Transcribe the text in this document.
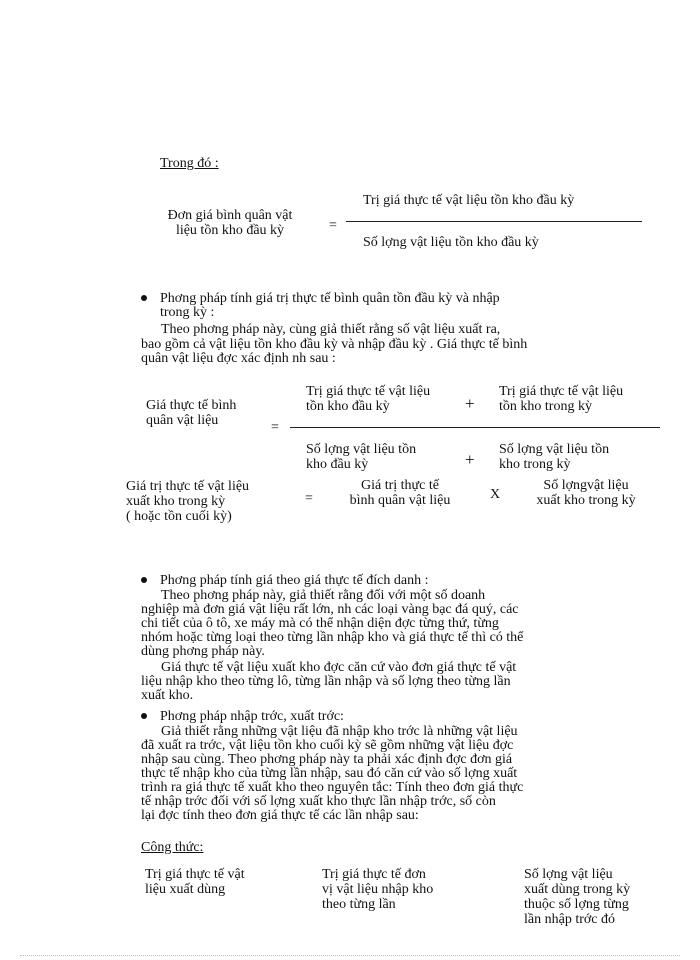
Trong đó :
Đơn giá bình quân vật
liệu tồn kho đầu kỳ	=
Trị giá thực tế vật liệu tồn kho đầu kỳ
Số lợng vật liệu tồn kho đầu kỳ
Phơng pháp tính giá trị thực tế bình quân tồn đầu kỳ và nhập
trong kỳ :
Theo phơng pháp này, cùng giả thiết rằng số vật liệu xuất ra,
bao gồm cả vật liệu tồn kho đầu kỳ và nhập đầu kỳ . Giá thực tế bình
quân vật liệu đợc xác định nh sau :
Giá thực tế bình
quân vật liệu	=
Trị giá thực tế vật liệu
tồn kho đầu kỳ	+
Trị giá thực tế vật liệu
tồn kho trong kỳ
Số lợng vật liệu tồn
kho đầu kỳ	+
Số lợng vật liệu tồn
kho trong kỳ
Giá trị thực tế vật liệu
xuất kho trong kỳ
( hoặc tồn cuối kỳ)
=
Giá trị thực tế
bình quân vật liệu	X
Số lợngvật liệu
xuất kho trong kỳ
Phơng pháp tính giá theo giá thực tế đích danh :
Theo phơng pháp này, giả thiết rằng đối với một số doanh
nghiệp mà đơn giá vật liệu rất lớn, nh các loại vàng bạc đá quý, các
chi tiết của ô tô, xe máy mà có thể nhận diện đợc từng thứ, từng
nhóm hoặc từng loại theo từng lần nhập kho và giá thực tế thì có thể
dùng phơng pháp này.
Giá thực tế vật liệu xuất kho đợc căn cứ vào đơn giá thực tế vật
liệu nhập kho theo từng lô, từng lần nhập và số lợng theo từng lần
xuất kho.
Phơng pháp nhập trớc, xuất trớc:
Giả thiết rằng những vật liệu đã nhập kho trớc là những vật liệu
đã xuất ra trớc, vật liệu tồn kho cuối kỳ sẽ gồm những vật liệu đợc
nhập sau cùng. Theo phơng pháp này ta phải xác định đợc đơn giá
thực tế nhập kho của từng lần nhập, sau đó căn cứ vào số lợng xuất
trình ra giá thực tế xuất kho theo nguyên tắc: Tính theo đơn giá thực
tế nhập trớc đối với số lợng xuất kho thực lần nhập trớc, số còn
lại đợc tính theo đơn giá thực tế các lần nhập sau:
Công thức:
Trị giá thực tế vật
liệu xuất dùng
Trị giá thực tế đơn
vị vật liệu nhập kho
theo từng lần
Số lợng vật liệu
xuất dùng trong kỳ
thuộc số lợng từng
lần nhập trớc đó
